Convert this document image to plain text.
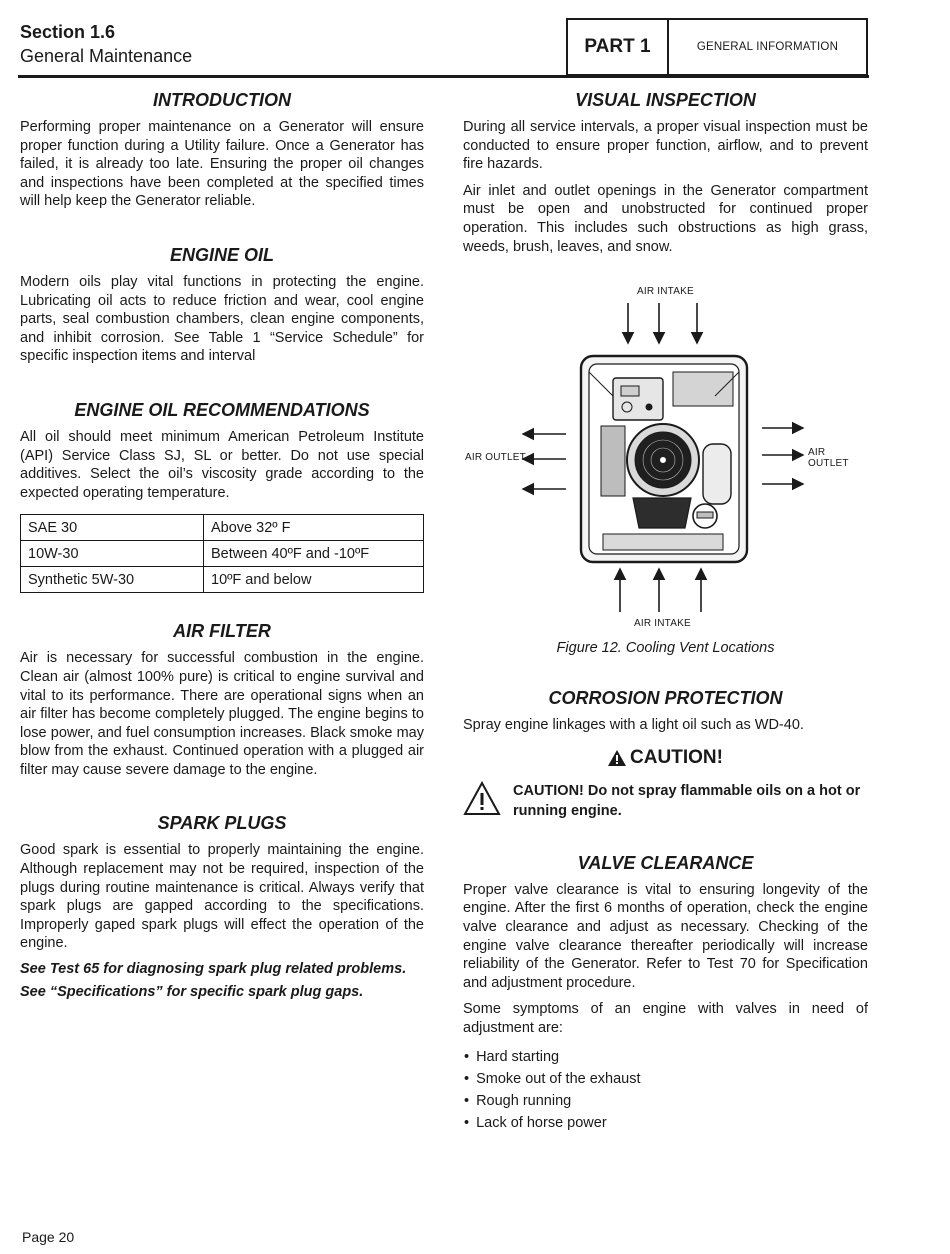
Section 1.6
General Maintenance	PART 1	GENERAL INFORMATION
INTRODUCTION

Performing proper maintenance on a Generator will ensure proper function during a Utility failure. Once a Generator has failed, it is already too late. Ensuring the proper oil changes and inspections have been completed at the specified times will help keep the Generator reliable.

ENGINE OIL

Modern oils play vital functions in protecting the engine. Lubricating oil acts to reduce friction and wear, cool engine parts, seal combustion chambers, clean engine components, and inhibit corrosion. See Table 1 “Service Schedule” for specific inspection items and interval

ENGINE OIL RECOMMENDATIONS

All oil should meet minimum American Petroleum Institute (API) Service Class SJ, SL or better. Do not use special additives. Select the oil’s viscosity grade according to the expected operating temperature.

SAE 30	Above 32º F
10W-30	Between 40ºF and -10ºF
Synthetic 5W-30	10ºF and below
AIR FILTER

Air is necessary for successful combustion in the engine. Clean air (almost 100% pure) is critical to engine survival and vital to its performance. There are operational signs when an air filter has become completely plugged. The engine begins to lose power, and fuel consumption increases. Black smoke may blow from the exhaust. Continued operation with a plugged air filter may cause severe damage to the engine.

SPARK PLUGS

Good spark is essential to properly maintaining the engine. Although replacement may not be required, inspection of the plugs during routine maintenance is critical. Always verify that spark plugs are gapped according to the specifications. Improperly gaped spark plugs will effect the operation of the engine.

See Test 65 for diagnosing spark plug related problems.
See “Specifications” for specific spark plug gaps.
VISUAL INSPECTION

During all service intervals, a proper visual inspection must be conducted to ensure proper function, airflow, and to prevent fire hazards.

Air inlet and outlet openings in the Generator compartment must be open and unobstructed for continued proper operation. This includes such obstructions as high grass, weeds, brush, leaves, and snow.

AIR INTAKE
AIR OUTLET	AIR OUTLET
AIR INTAKE
Figure 12. Cooling Vent Locations
CORROSION PROTECTION

Spray engine linkages with a light oil such as WD-40.

CAUTION!
CAUTION! Do not spray flammable oils on a hot or running engine.
VALVE CLEARANCE

Proper valve clearance is vital to ensuring longevity of the engine. After the first 6 months of operation, check the engine valve clearance and adjust as necessary. Checking of the engine valve clearance thereafter periodically will increase reliability of the Generator. Refer to Test 70 for Specification and adjustment procedure.

Some symptoms of an engine with valves in need of adjustment are:

• Hard starting
• Smoke out of the exhaust
• Rough running
• Lack of horse power
Page 20
